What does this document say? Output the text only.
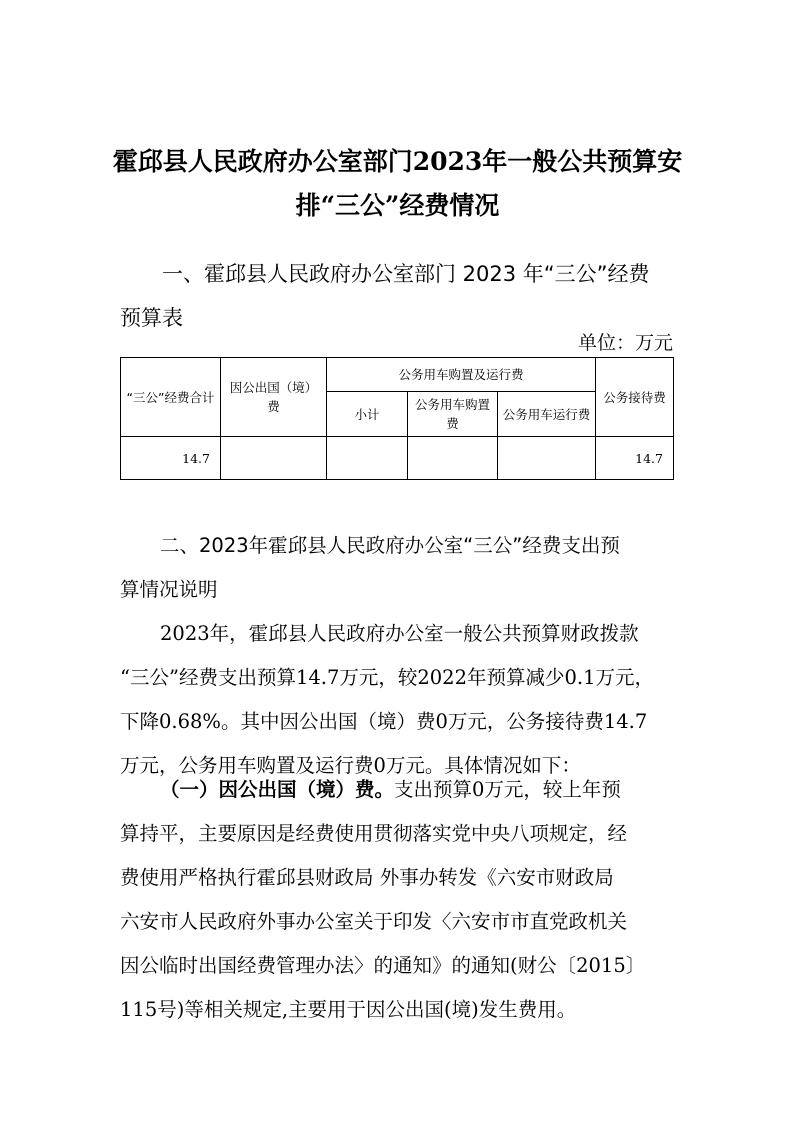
霍邱县人民政府办公室部门2023年一般公共预算安
排“三公”经费情况
一、霍邱县人民政府办公室部门 2023 年“三公”经费
预算表
单位：万元
“三公”经费合计	因公出国（境）费	公务用车购置及运行费			公务接待费
		小计	公务用车购置费	公务用车运行费	
14.7					14.7
二、2023年霍邱县人民政府办公室“三公”经费支出预
算情况说明
2023年，霍邱县人民政府办公室一般公共预算财政拨款
“三公”经费支出预算14.7万元，较2022年预算减少0.1万元，
下降0.68%。其中因公出国（境）费0万元，公务接待费14.7
万元，公务用车购置及运行费0万元。具体情况如下：
（一）因公出国（境）费。支出预算0万元，较上年预
算持平，主要原因是经费使用贯彻落实党中央八项规定，经
费使用严格执行霍邱县财政局 外事办转发《六安市财政局
六安市人民政府外事办公室关于印发〈六安市市直党政机关
因公临时出国经费管理办法〉的通知》的通知(财公〔2015〕
115号)等相关规定,主要用于因公出国(境)发生费用。
